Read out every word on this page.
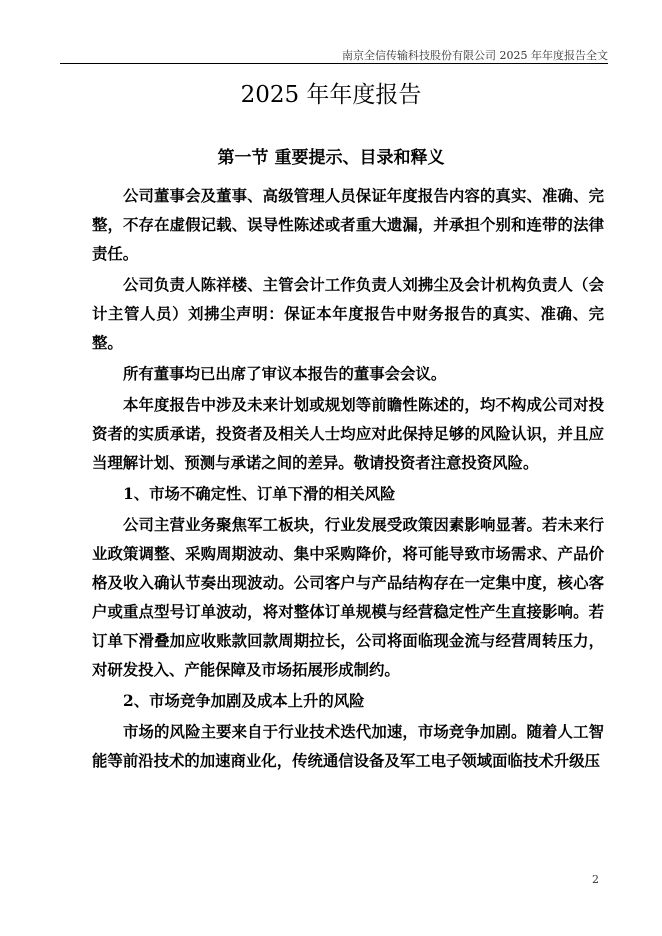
南京全信传输科技股份有限公司 2025 年年度报告全文
2025 年年度报告
第一节 重要提示、目录和释义

公司董事会及董事、高级管理人员保证年度报告内容的真实、准确、完整，不存在虚假记载、误导性陈述或者重大遗漏，并承担个别和连带的法律责任。

公司负责人陈祥楼、主管会计工作负责人刘拂尘及会计机构负责人（会计主管人员）刘拂尘声明：保证本年度报告中财务报告的真实、准确、完整。

所有董事均已出席了审议本报告的董事会会议。

本年度报告中涉及未来计划或规划等前瞻性陈述的，均不构成公司对投资者的实质承诺，投资者及相关人士均应对此保持足够的风险认识，并且应当理解计划、预测与承诺之间的差异。敬请投资者注意投资风险。

1、市场不确定性、订单下滑的相关风险

公司主营业务聚焦军工板块，行业发展受政策因素影响显著。若未来行业政策调整、采购周期波动、集中采购降价，将可能导致市场需求、产品价格及收入确认节奏出现波动。公司客户与产品结构存在一定集中度，核心客户或重点型号订单波动，将对整体订单规模与经营稳定性产生直接影响。若订单下滑叠加应收账款回款周期拉长，公司将面临现金流与经营周转压力，对研发投入、产能保障及市场拓展形成制约。

2、市场竞争加剧及成本上升的风险

市场的风险主要来自于行业技术迭代加速，市场竞争加剧。随着人工智能等前沿技术的加速商业化，传统通信设备及军工电子领域面临技术升级压

2
